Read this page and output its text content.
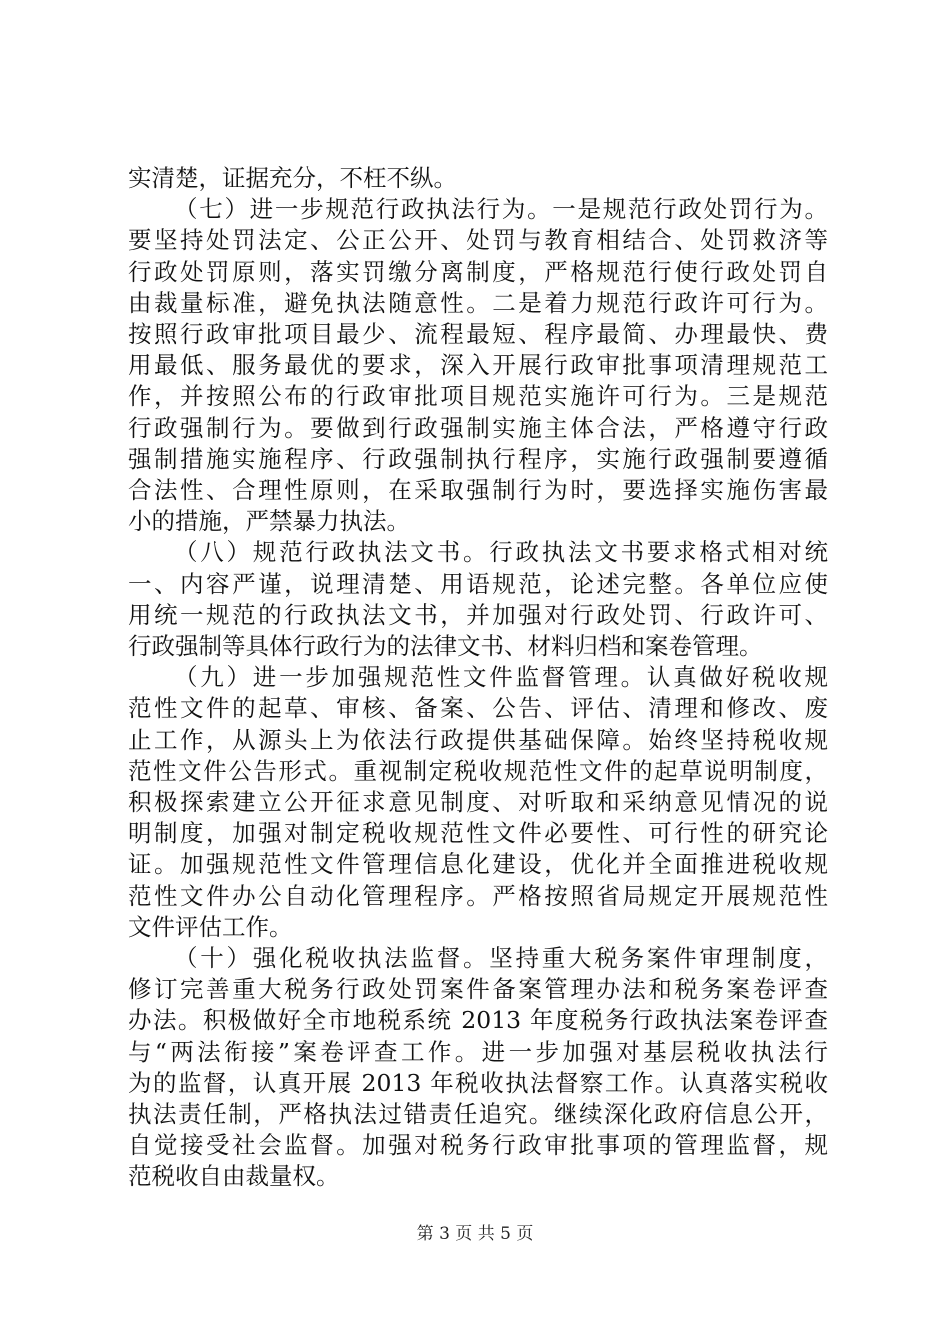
实清楚，证据充分，不枉不纵。
（七）进一步规范行政执法行为。一是规范行政处罚行为。
要坚持处罚法定、公正公开、处罚与教育相结合、处罚救济等
行政处罚原则，落实罚缴分离制度，严格规范行使行政处罚自
由裁量标准，避免执法随意性。二是着力规范行政许可行为。
按照行政审批项目最少、流程最短、程序最简、办理最快、费
用最低、服务最优的要求，深入开展行政审批事项清理规范工
作，并按照公布的行政审批项目规范实施许可行为。三是规范
行政强制行为。要做到行政强制实施主体合法，严格遵守行政
强制措施实施程序、行政强制执行程序，实施行政强制要遵循
合法性、合理性原则，在采取强制行为时，要选择实施伤害最
小的措施，严禁暴力执法。
（八）规范行政执法文书。行政执法文书要求格式相对统
一、内容严谨，说理清楚、用语规范，论述完整。各单位应使
用统一规范的行政执法文书，并加强对行政处罚、行政许可、
行政强制等具体行政行为的法律文书、材料归档和案卷管理。
（九）进一步加强规范性文件监督管理。认真做好税收规
范性文件的起草、审核、备案、公告、评估、清理和修改、废
止工作，从源头上为依法行政提供基础保障。始终坚持税收规
范性文件公告形式。重视制定税收规范性文件的起草说明制度，
积极探索建立公开征求意见制度、对听取和采纳意见情况的说
明制度，加强对制定税收规范性文件必要性、可行性的研究论
证。加强规范性文件管理信息化建设，优化并全面推进税收规
范性文件办公自动化管理程序。严格按照省局规定开展规范性
文件评估工作。
（十）强化税收执法监督。坚持重大税务案件审理制度，
修订完善重大税务行政处罚案件备案管理办法和税务案卷评查
办法。积极做好全市地税系统 2013 年度税务行政执法案卷评查
与“两法衔接”案卷评查工作。进一步加强对基层税收执法行
为的监督，认真开展 2013 年税收执法督察工作。认真落实税收
执法责任制，严格执法过错责任追究。继续深化政府信息公开，
自觉接受社会监督。加强对税务行政审批事项的管理监督，规
范税收自由裁量权。
第 3 页 共 5 页
